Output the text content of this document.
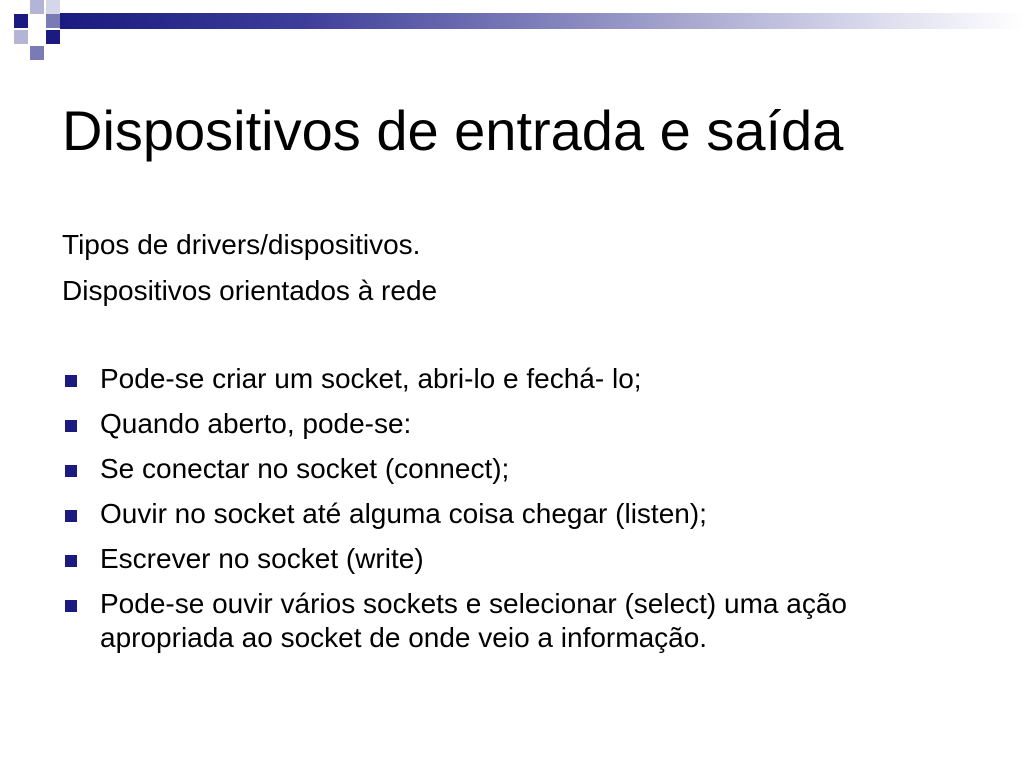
Dispositivos de entrada e saída
Tipos de drivers/dispositivos.
Dispositivos orientados à rede
Pode-se criar um socket, abri-lo e fechá- lo;
Quando aberto, pode-se:
Se conectar no socket (connect);
Ouvir no socket até alguma coisa chegar (listen);
Escrever no socket (write)
Pode-se ouvir vários sockets e selecionar (select) uma ação apropriada ao socket de onde veio a informação.
